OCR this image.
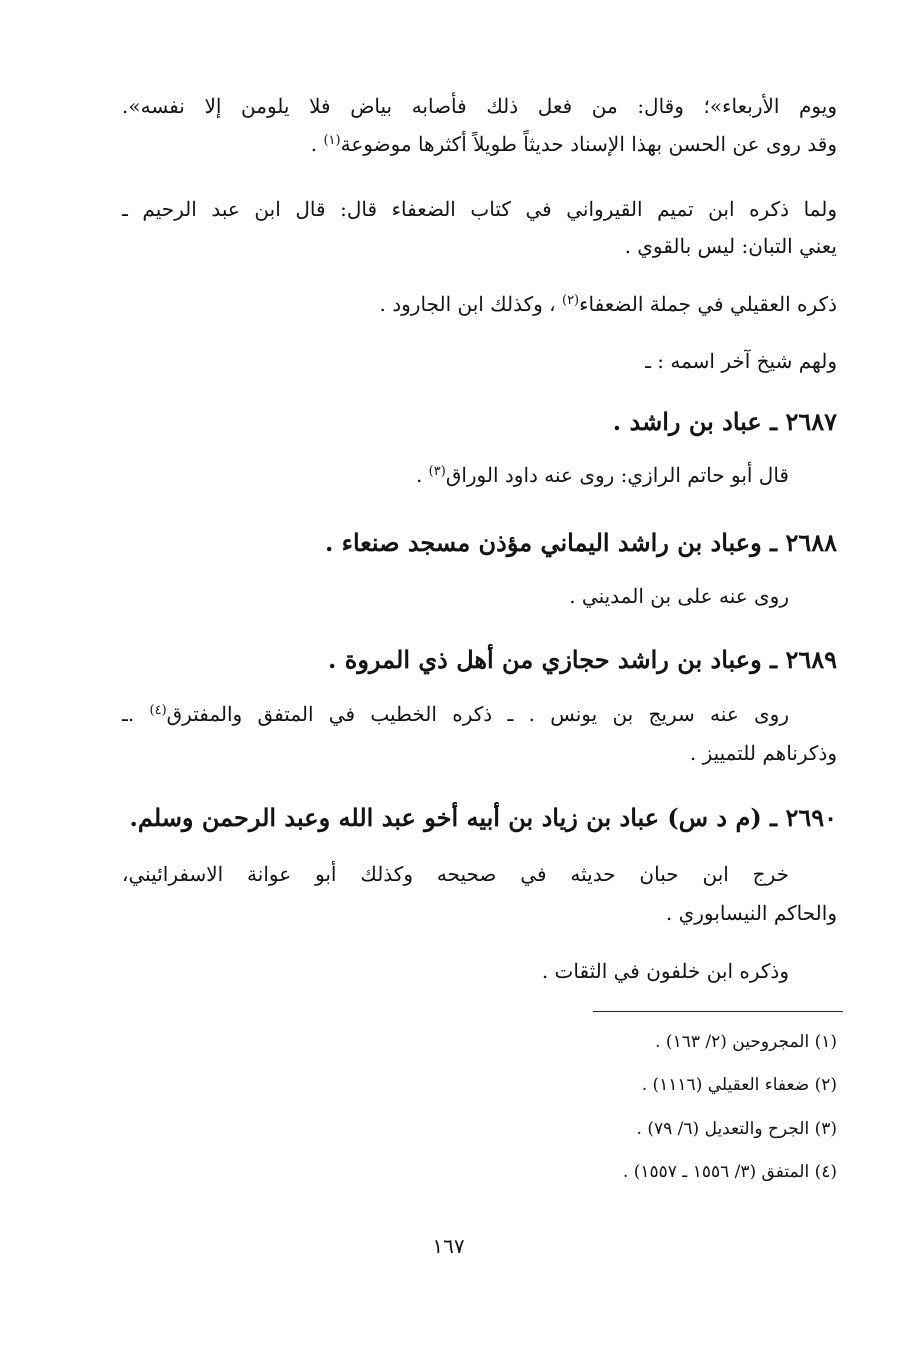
ويوم الأربعاء»؛ وقال: من فعل ذلك فأصابه بياض فلا يلومن إلا نفسه».
وقد روى عن الحسن بهذا الإسناد حديثاً طويلاً أكثرها موضوعة$^{(١)}$ .
ولما ذكره ابن تميم القيرواني في كتاب الضعفاء قال: قال ابن عبد الرحيم ـ
يعني التبان: ليس بالقوي .
ذكره العقيلي في جملة الضعفاء$^{(٢)}$ ، وكذلك ابن الجارود .
ولهم شيخ آخر اسمه : ـ
٢٦٨٧ ـ عباد بن راشد .
قال أبو حاتم الرازي: روى عنه داود الوراق$^{(٣)}$ .
٢٦٨٨ ـ وعباد بن راشد اليماني مؤذن مسجد صنعاء .
روى عنه على بن المديني .
٢٦٨٩ ـ وعباد بن راشد حجازي من أهل ذي المروة .
روى عنه سريج بن يونس . ـ ذكره الخطيب في المتفق والمفترق$^{(٤)}$ .ـ
وذكرناهم للتمييز .
٢٦٩٠ ـ (م د س) عباد بن زياد بن أبيه أخو عبد الله وعبد الرحمن وسلم.
خرج ابن حبان حديثه في صحيحه وكذلك أبو عوانة الاسفرائيني،
والحاكم النيسابوري .
وذكره ابن خلفون في الثقات .
(١) المجروحين (٢/ ١٦٣) .
(٢) ضعفاء العقيلي (١١١٦) .
(٣) الجرح والتعديل (٦/ ٧٩) .
(٤) المتفق (٣/ ١٥٥٦ ـ ١٥٥٧) .
١٦٧
